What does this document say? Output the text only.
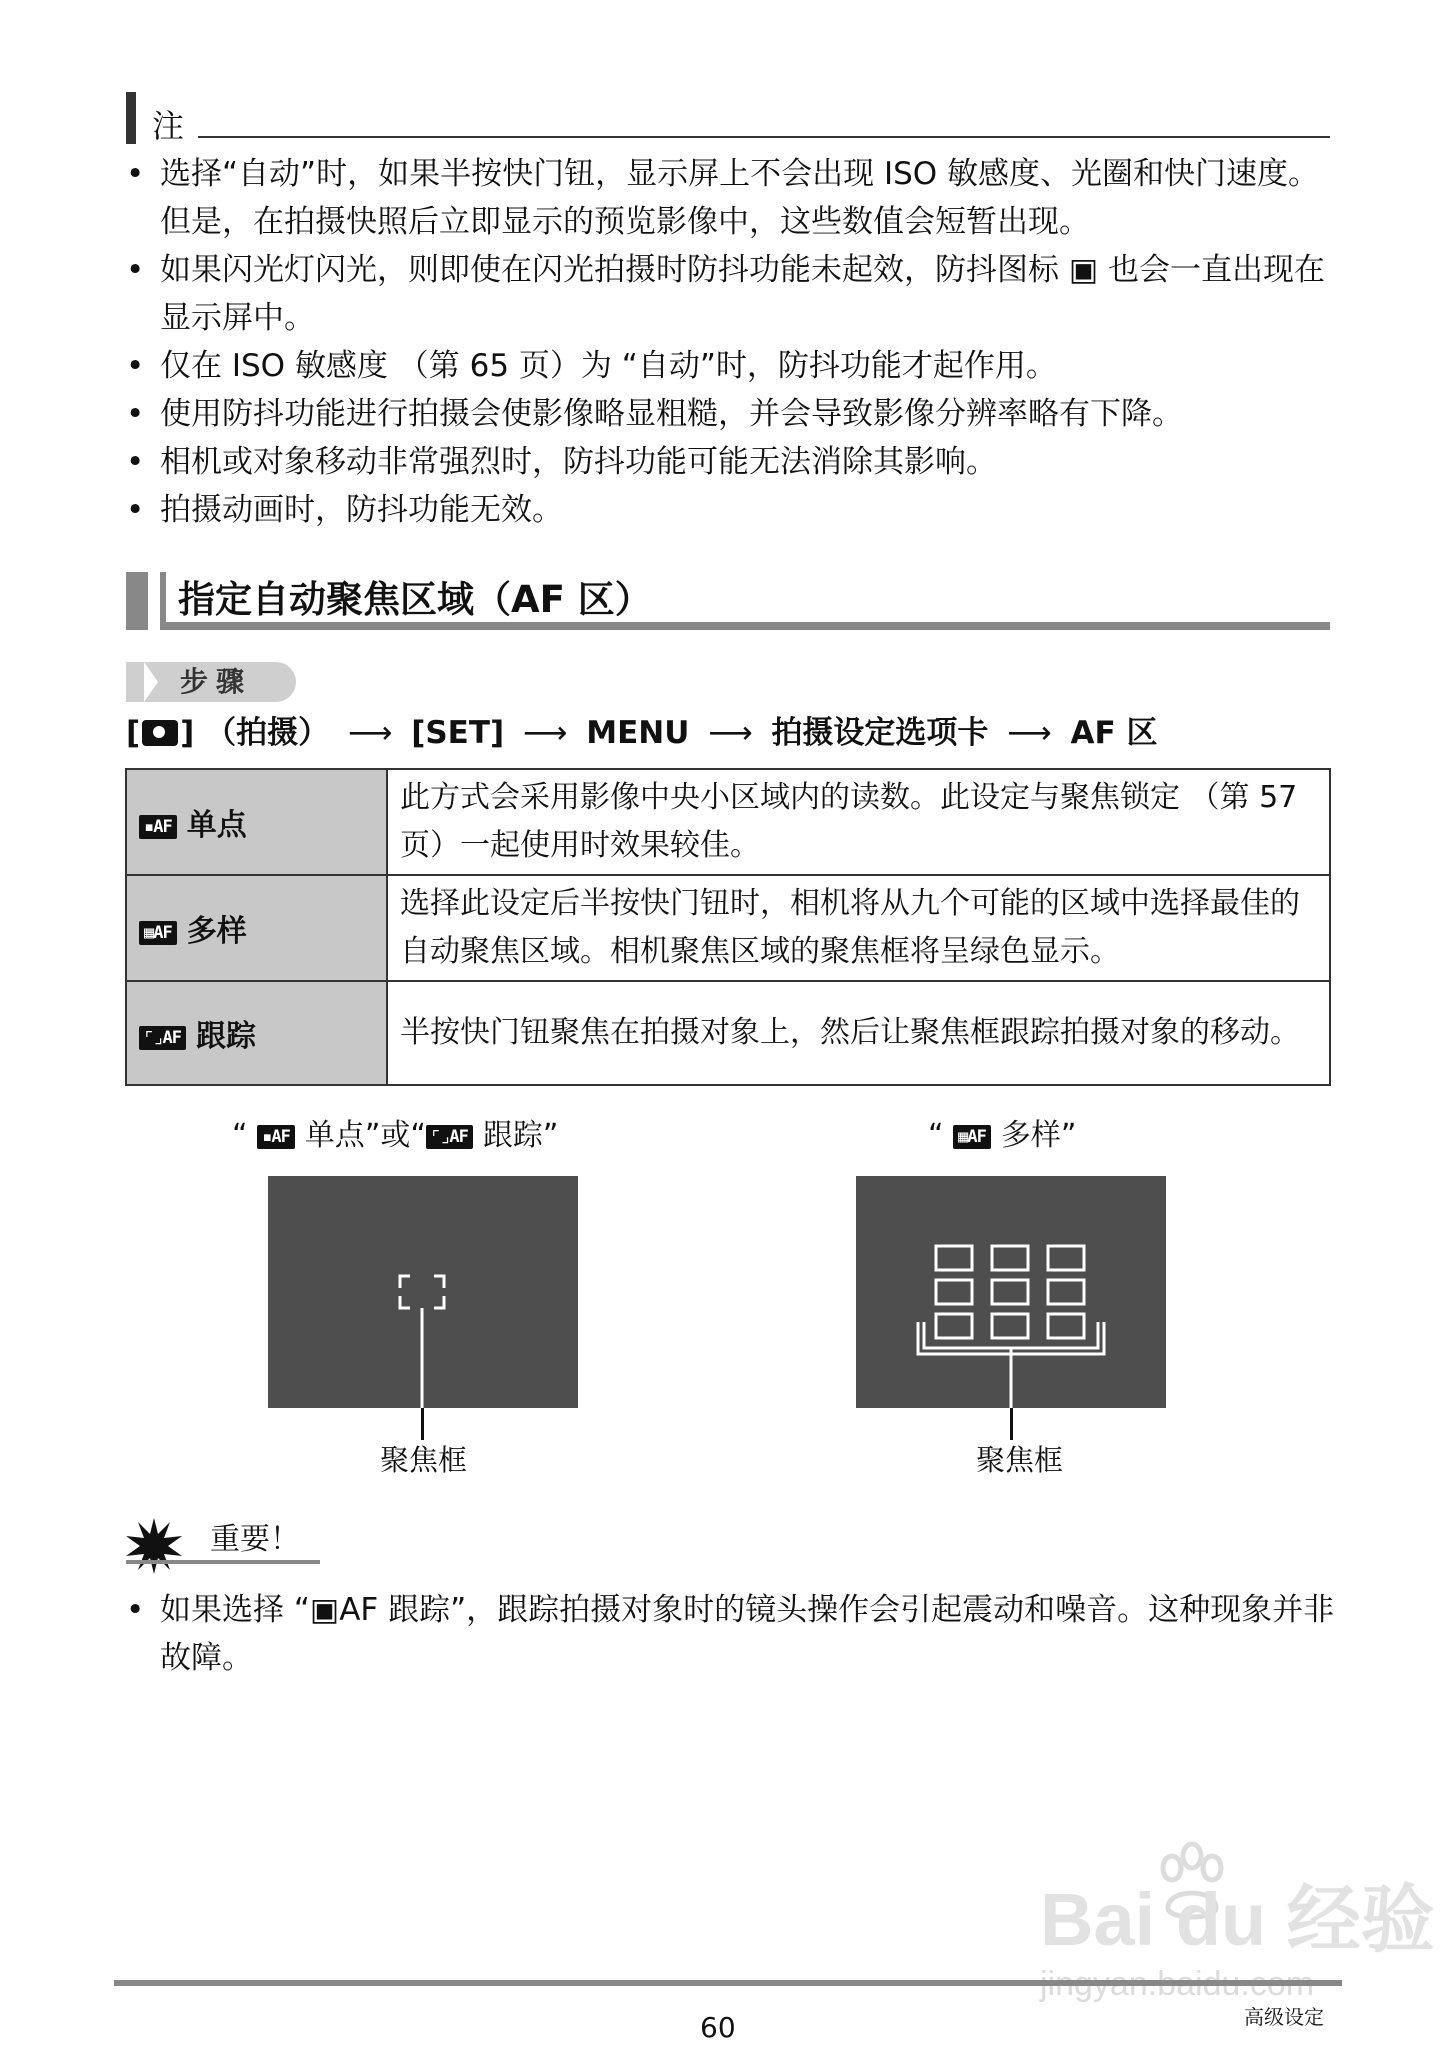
注
• 选择“自动”时，如果半按快门钮，显示屏上不会出现 ISO 敏感度、光圈和快门速度。但是，在拍摄快照后立即显示的预览影像中，这些数值会短暂出现。
• 如果闪光灯闪光，则即使在闪光拍摄时防抖功能未起效，防抖图标 ▣ 也会一直出现在显示屏中。
• 仅在 ISO 敏感度 （第 65 页）为 “自动”时，防抖功能才起作用。
• 使用防抖功能进行拍摄会使影像略显粗糙，并会导致影像分辨率略有下降。
• 相机或对象移动非常强烈时，防抖功能可能无法消除其影响。
• 拍摄动画时，防抖功能无效。
指定自动聚焦区域（AF 区）
步骤
[ ] （拍摄） ⟶ [SET] ⟶ MENU ⟶ 拍摄设定选项卡 ⟶ AF 区
▪AF 单点	此方式会采用影像中央小区域内的读数。此设定与聚焦锁定 （第 57 页）一起使用时效果较佳。
▦AF 多样	选择此设定后半按快门钮时，相机将从九个可能的区域中选择最佳的自动聚焦区域。相机聚焦区域的聚焦框将呈绿色显示。
⌜⌟AF 跟踪	半按快门钮聚焦在拍摄对象上，然后让聚焦框跟踪拍摄对象的移动。
“ ▪AF 单点”或“ ⌜⌟AF 跟踪”
聚焦框
“ ▦AF 多样”
聚焦框
重要！
• 如果选择 “▣AF 跟踪”，跟踪拍摄对象时的镜头操作会引起震动和噪音。这种现象并非故障。
Bai du 经验
60	高级设定
